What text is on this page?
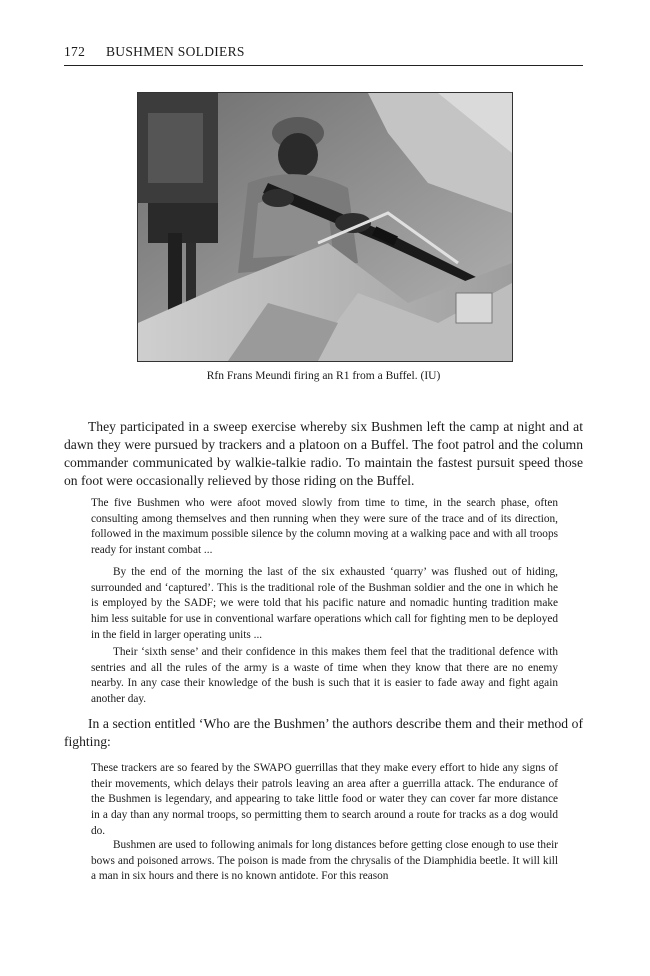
172 BUSHMEN SOLDIERS
Rfn Frans Meundi firing an R1 from a Buffel. (IU)

They participated in a sweep exercise whereby six Bushmen left the camp at night and at dawn they were pursued by trackers and a platoon on a Buffel. The foot patrol and the column commander communicated by walkie-talkie radio. To maintain the fastest pursuit speed those on foot were occasionally relieved by those riding on the Buffel.

The five Bushmen who were afoot moved slowly from time to time, in the search phase, often consulting among themselves and then running when they were sure of the trace and of its direction, followed in the maximum possible silence by the column moving at a walking pace and with all troops ready for instant combat ...

By the end of the morning the last of the six exhausted ‘quarry’ was flushed out of hiding, surrounded and ‘captured’. This is the traditional role of the Bushman soldier and the one in which he is employed by the SADF; we were told that his pacific nature and nomadic hunting tradition make him less suitable for use in conventional warfare operations which call for fighting men to be deployed in the field in larger operating units ...

Their ‘sixth sense’ and their confidence in this makes them feel that the traditional defence with sentries and all the rules of the army is a waste of time when they know that there are no enemy nearby. In any case their knowledge of the bush is such that it is easier to fade away and fight again another day.

In a section entitled ‘Who are the Bushmen’ the authors describe them and their method of fighting:

These trackers are so feared by the SWAPO guerrillas that they make every effort to hide any signs of their movements, which delays their patrols leaving an area after a guerrilla attack. The endurance of the Bushmen is legendary, and appearing to take little food or water they can cover far more distance in a day than any normal troops, so permitting them to search around a route for tracks as a dog would do.

Bushmen are used to following animals for long distances before getting close enough to use their bows and poisoned arrows. The poison is made from the chrysalis of the Diamphidia beetle. It will kill a man in six hours and there is no known antidote. For this reason
